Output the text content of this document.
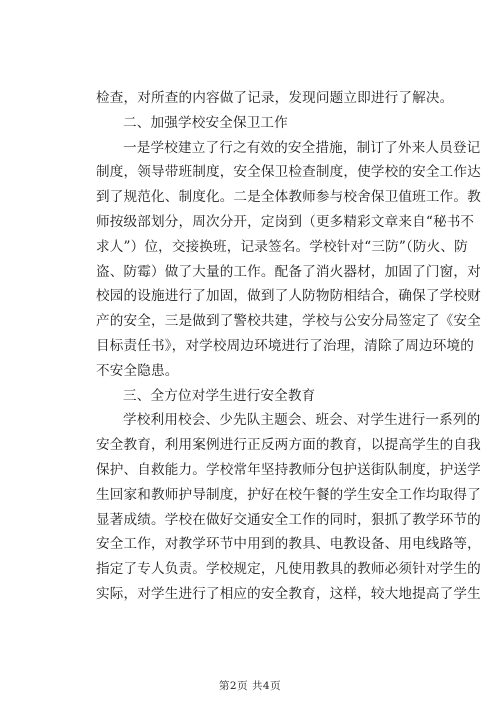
检查，对所查的内容做了记录，发现问题立即进行了解决。
二、加强学校安全保卫工作
一是学校建立了行之有效的安全措施，制订了外来人员登记
制度，领导带班制度，安全保卫检查制度，使学校的安全工作达
到了规范化、制度化。二是全体教师参与校舍保卫值班工作。教
师按级部划分，周次分开，定岗到（更多精彩文章来自“秘书不
求人”）位，交接换班，记录签名。学校针对“三防”（防火、防
盗、防霉）做了大量的工作。配备了消火器材，加固了门窗，对
校园的设施进行了加固，做到了人防物防相结合，确保了学校财
产的安全，三是做到了警校共建，学校与公安分局签定了《安全
目标责任书》，对学校周边环境进行了治理，清除了周边环境的
不安全隐患。
三、全方位对学生进行安全教育
学校利用校会、少先队主题会、班会、对学生进行一系列的
安全教育，利用案例进行正反两方面的教育，以提高学生的自我
保护、自救能力。学校常年坚持教师分包护送街队制度，护送学
生回家和教师护导制度，护好在校午餐的学生安全工作均取得了
显著成绩。学校在做好交通安全工作的同时，狠抓了教学环节的
安全工作，对教学环节中用到的教具、电教设备、用电线路等，
指定了专人负责。学校规定，凡使用教具的教师必须针对学生的
实际，对学生进行了相应的安全教育，这样，较大地提高了学生
第2页 共4页
